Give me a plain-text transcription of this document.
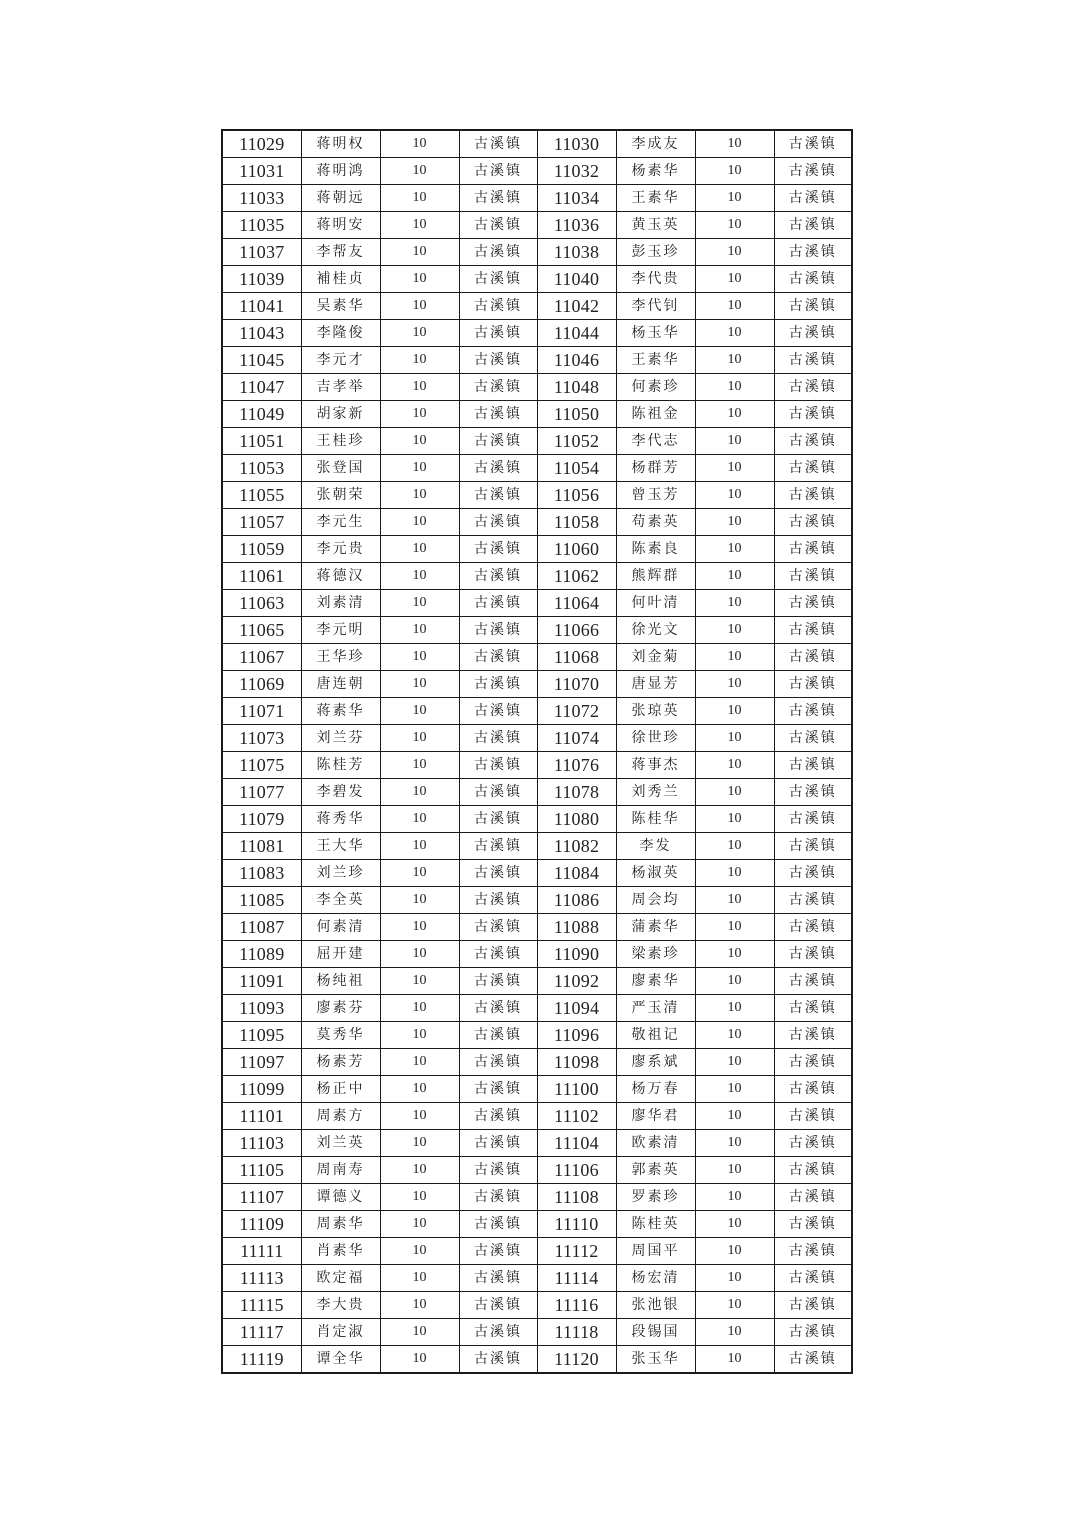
11029	蒋明权	10	古溪镇	11030	李成友	10	古溪镇
11031	蒋明鸿	10	古溪镇	11032	杨素华	10	古溪镇
11033	蒋朝远	10	古溪镇	11034	王素华	10	古溪镇
11035	蒋明安	10	古溪镇	11036	黄玉英	10	古溪镇
11037	李帮友	10	古溪镇	11038	彭玉珍	10	古溪镇
11039	補桂贞	10	古溪镇	11040	李代贵	10	古溪镇
11041	吴素华	10	古溪镇	11042	李代钊	10	古溪镇
11043	李隆俊	10	古溪镇	11044	杨玉华	10	古溪镇
11045	李元才	10	古溪镇	11046	王素华	10	古溪镇
11047	吉孝举	10	古溪镇	11048	何素珍	10	古溪镇
11049	胡家新	10	古溪镇	11050	陈祖金	10	古溪镇
11051	王桂珍	10	古溪镇	11052	李代志	10	古溪镇
11053	张登国	10	古溪镇	11054	杨群芳	10	古溪镇
11055	张朝荣	10	古溪镇	11056	曾玉芳	10	古溪镇
11057	李元生	10	古溪镇	11058	苟素英	10	古溪镇
11059	李元贵	10	古溪镇	11060	陈素良	10	古溪镇
11061	蒋德汉	10	古溪镇	11062	熊辉群	10	古溪镇
11063	刘素清	10	古溪镇	11064	何叶清	10	古溪镇
11065	李元明	10	古溪镇	11066	徐光文	10	古溪镇
11067	王华珍	10	古溪镇	11068	刘金菊	10	古溪镇
11069	唐连朝	10	古溪镇	11070	唐显芳	10	古溪镇
11071	蒋素华	10	古溪镇	11072	张琼英	10	古溪镇
11073	刘兰芬	10	古溪镇	11074	徐世珍	10	古溪镇
11075	陈桂芳	10	古溪镇	11076	蒋事杰	10	古溪镇
11077	李碧发	10	古溪镇	11078	刘秀兰	10	古溪镇
11079	蒋秀华	10	古溪镇	11080	陈桂华	10	古溪镇
11081	王大华	10	古溪镇	11082	李发	10	古溪镇
11083	刘兰珍	10	古溪镇	11084	杨淑英	10	古溪镇
11085	李全英	10	古溪镇	11086	周会均	10	古溪镇
11087	何素清	10	古溪镇	11088	蒲素华	10	古溪镇
11089	屈开建	10	古溪镇	11090	梁素珍	10	古溪镇
11091	杨纯祖	10	古溪镇	11092	廖素华	10	古溪镇
11093	廖素芬	10	古溪镇	11094	严玉清	10	古溪镇
11095	莫秀华	10	古溪镇	11096	敬祖记	10	古溪镇
11097	杨素芳	10	古溪镇	11098	廖系斌	10	古溪镇
11099	杨正中	10	古溪镇	11100	杨万春	10	古溪镇
11101	周素方	10	古溪镇	11102	廖华君	10	古溪镇
11103	刘兰英	10	古溪镇	11104	欧素清	10	古溪镇
11105	周南寿	10	古溪镇	11106	郭素英	10	古溪镇
11107	谭德义	10	古溪镇	11108	罗素珍	10	古溪镇
11109	周素华	10	古溪镇	11110	陈桂英	10	古溪镇
11111	肖素华	10	古溪镇	11112	周国平	10	古溪镇
11113	欧定福	10	古溪镇	11114	杨宏清	10	古溪镇
11115	李大贵	10	古溪镇	11116	张池银	10	古溪镇
11117	肖定淑	10	古溪镇	11118	段锡国	10	古溪镇
11119	谭全华	10	古溪镇	11120	张玉华	10	古溪镇
